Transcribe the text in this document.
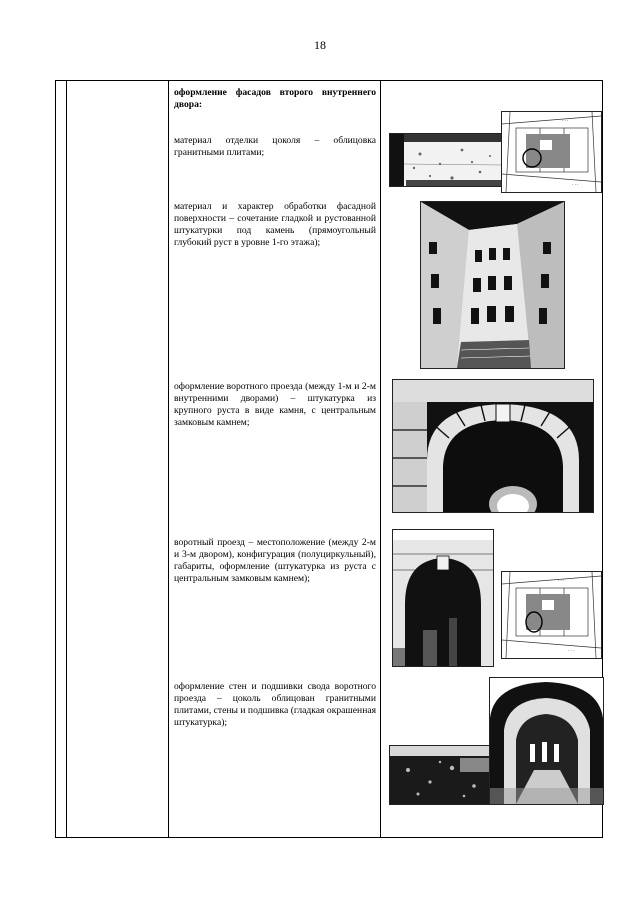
18
оформление фасадов второго внутреннего двора:
материал отделки цоколя – облицовка гранитными плитами;
материал и характер обработки фасадной поверхности – сочетание гладкой и рустованной штукатурки под камень (прямоугольный глубокий руст в уровне 1-го этажа);
оформление воротного проезда (между 1-м и 2-м внутренними дворами) – штукатурка из крупного руста в виде камня, с центральным замковым камнем;
воротный проезд – местоположение (между 2-м и 3-м двором), конфигурация (полуциркульный), габариты, оформление (штукатурка из руста с центральным замковым камнем);
оформление стен и подшивки свода воротного проезда – цоколь облицован гранитными плитами, стены и подшивка (гладкая окрашенная штукатурка);
· · ·
· · ·
· · ·
· · ·
